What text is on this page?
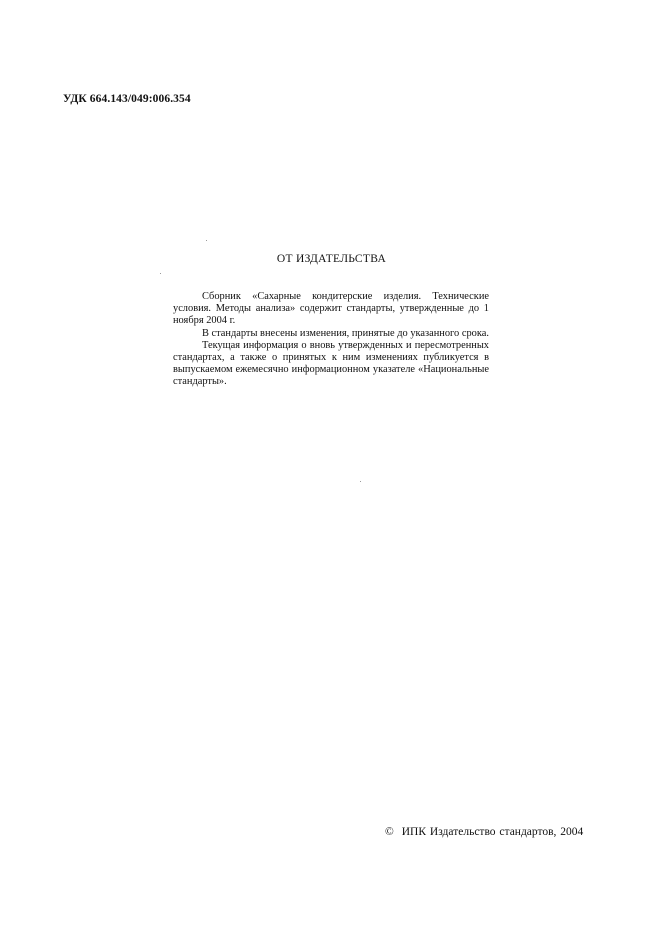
УДК 664.143/049:006.354
ОТ ИЗДАТЕЛЬСТВА

Сборник «Сахарные кондитерские изделия. Технические условия. Методы анализа» содержит стандарты, утвержденные до 1 ноября 2004 г.

В стандарты внесены изменения, принятые до указанного срока.

Текущая информация о вновь утвержденных и пересмотренных стандартах, а также о принятых к ним изменениях публикуется в выпускаемом ежемесячно информационном указателе «Национальные стандарты».

© ИПК Издательство стандартов, 2004
